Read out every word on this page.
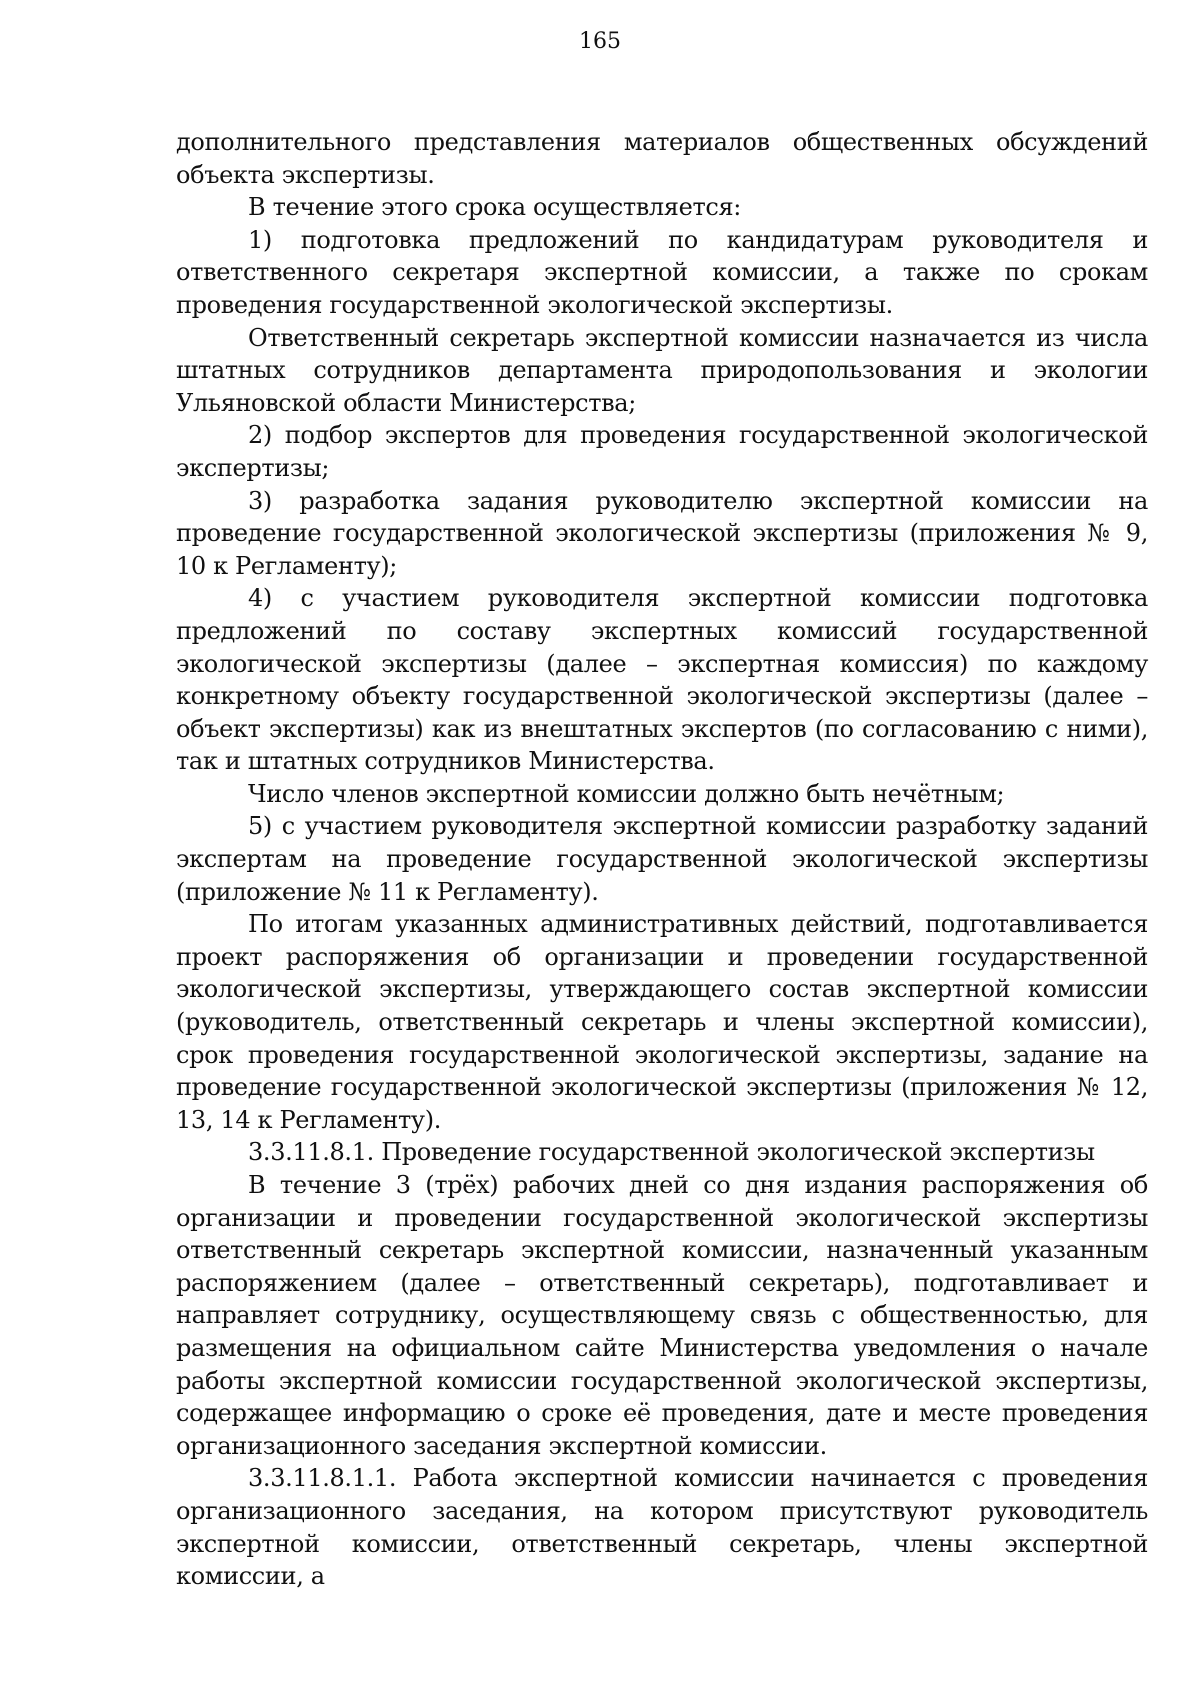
165

дополнительного представления материалов общественных обсуждений объекта экспертизы.

В течение этого срока осуществляется:

1) подготовка предложений по кандидатурам руководителя и ответственного секретаря экспертной комиссии, а также по срокам проведения государственной экологической экспертизы.

Ответственный секретарь экспертной комиссии назначается из числа штатных сотрудников департамента природопользования и экологии Ульяновской области Министерства;

2) подбор экспертов для проведения государственной экологической экспертизы;

3) разработка задания руководителю экспертной комиссии на проведение государственной экологической экспертизы (приложения № 9, 10 к Регламенту);

4) с участием руководителя экспертной комиссии подготовка предложений по составу экспертных комиссий государственной экологической экспертизы (далее – экспертная комиссия) по каждому конкретному объекту государственной экологической экспертизы (далее – объект экспертизы) как из внештатных экспертов (по согласованию с ними), так и штатных сотрудников Министерства.

Число членов экспертной комиссии должно быть нечётным;

5) с участием руководителя экспертной комиссии разработку заданий экспертам на проведение государственной экологической экспертизы (приложение № 11 к Регламенту).

По итогам указанных административных действий, подготавливается проект распоряжения об организации и проведении государственной экологической экспертизы, утверждающего состав экспертной комиссии (руководитель, ответственный секретарь и члены экспертной комиссии), срок проведения государственной экологической экспертизы, задание на проведение государственной экологической экспертизы (приложения № 12, 13, 14 к Регламенту).

3.3.11.8.1. Проведение государственной экологической экспертизы

В течение 3 (трёх) рабочих дней со дня издания распоряжения об организации и проведении государственной экологической экспертизы ответственный секретарь экспертной комиссии, назначенный указанным распоряжением (далее – ответственный секретарь), подготавливает и направляет сотруднику, осуществляющему связь с общественностью, для размещения на официальном сайте Министерства уведомления о начале работы экспертной комиссии государственной экологической экспертизы, содержащее информацию о сроке её проведения, дате и месте проведения организационного заседания экспертной комиссии.

3.3.11.8.1.1. Работа экспертной комиссии начинается с проведения организационного заседания, на котором присутствуют руководитель экспертной комиссии, ответственный секретарь, члены экспертной комиссии, а
